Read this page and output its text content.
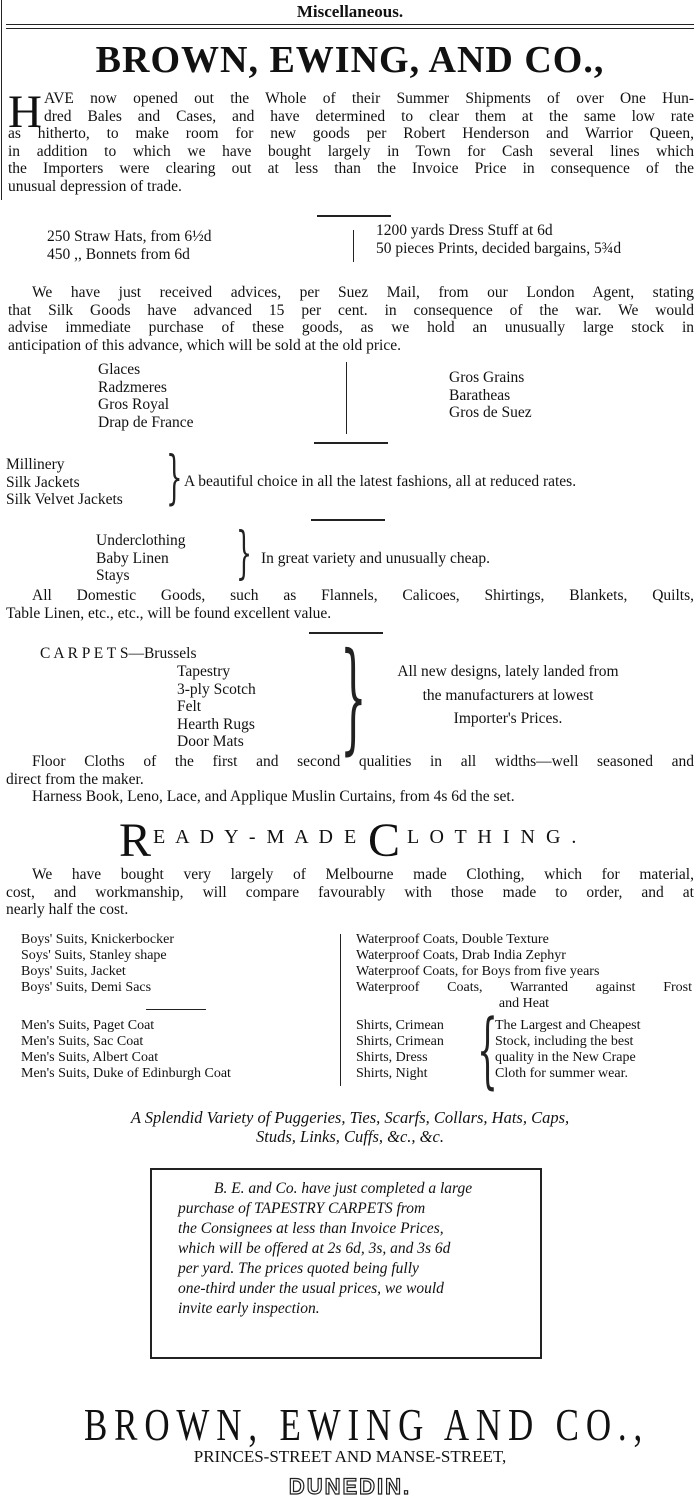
Miscellaneous.
BROWN, EWING, AND CO.,
H AVE now opened out the Whole of their Summer Shipments of over One Hun-
dred Bales and Cases, and have determined to clear them at the same low rate
as hitherto, to make room for new goods per Robert Henderson and Warrior Queen,
in addition to which we have bought largely in Town for Cash several lines which
the Importers were clearing out at less than the Invoice Price in consequence of the
unusual depression of trade.
250 Straw Hats, from 6½d
450 ,, Bonnets from 6d
1200 yards Dress Stuff at 6d
50 pieces Prints, decided bargains, 5¾d
We have just received advices, per Suez Mail, from our London Agent, stating
that Silk Goods have advanced 15 per cent. in consequence of the war. We would
advise immediate purchase of these goods, as we hold an unusually large stock in
anticipation of this advance, which will be sold at the old price.
Glaces
Radzmeres
Gros Royal
Drap de France
Gros Grains
Baratheas
Gros de Suez
Millinery
Silk Jackets
Silk Velvet Jackets } A beautiful choice in all the latest fashions, all at reduced rates.
Underclothing
Baby Linen
Stays	} In great variety and unusually cheap.
All Domestic Goods, such as Flannels, Calicoes, Shirtings, Blankets, Quilts,
Table Linen, etc., etc., will be found excellent value.
C A R P E T S—Brussels
Tapestry
3-ply Scotch
Felt
Hearth Rugs
Door Mats }	All new designs, lately landed from
the manufacturers at lowest
Importer's Prices.
Floor Cloths of the first and second qualities in all widths—well seasoned and
direct from the maker.
Harness Book, Leno, Lace, and Applique Muslin Curtains, from 4s 6d the set.
R E A D Y - M A D E C L O T H I N G .
We have bought very largely of Melbourne made Clothing, which for material,
cost, and workmanship, will compare favourably with those made to order, and at
nearly half the cost.
Boys' Suits, Knickerbocker
Soys' Suits, Stanley shape
Boys' Suits, Jacket
Boys' Suits, Demi Sacs
Men's Suits, Paget Coat
Men's Suits, Sac Coat
Men's Suits, Albert Coat
Men's Suits, Duke of Edinburgh Coat
Waterproof Coats, Double Texture
Waterproof Coats, Drab India Zephyr
Waterproof Coats, for Boys from five years
Waterproof Coats, Warranted against Frost
and Heat
Shirts, Crimean
Shirts, Crimean
Shirts, Dress
Shirts, Night {
The Largest and Cheapest
Stock, including the best
quality in the New Crape
Cloth for summer wear.
A Splendid Variety of Puggeries, Ties, Scarfs, Collars, Hats, Caps,
Studs, Links, Cuffs, &c., &c.
B. E. and Co. have just completed a large
purchase of TAPESTRY CARPETS from
the Consignees at less than Invoice Prices,
which will be offered at 2s 6d, 3s, and 3s 6d
per yard. The prices quoted being fully
one-third under the usual prices, we would
invite early inspection.
BROWN, EWING AND CO.,
PRINCES-STREET AND MANSE-STREET,
DUNEDIN.
